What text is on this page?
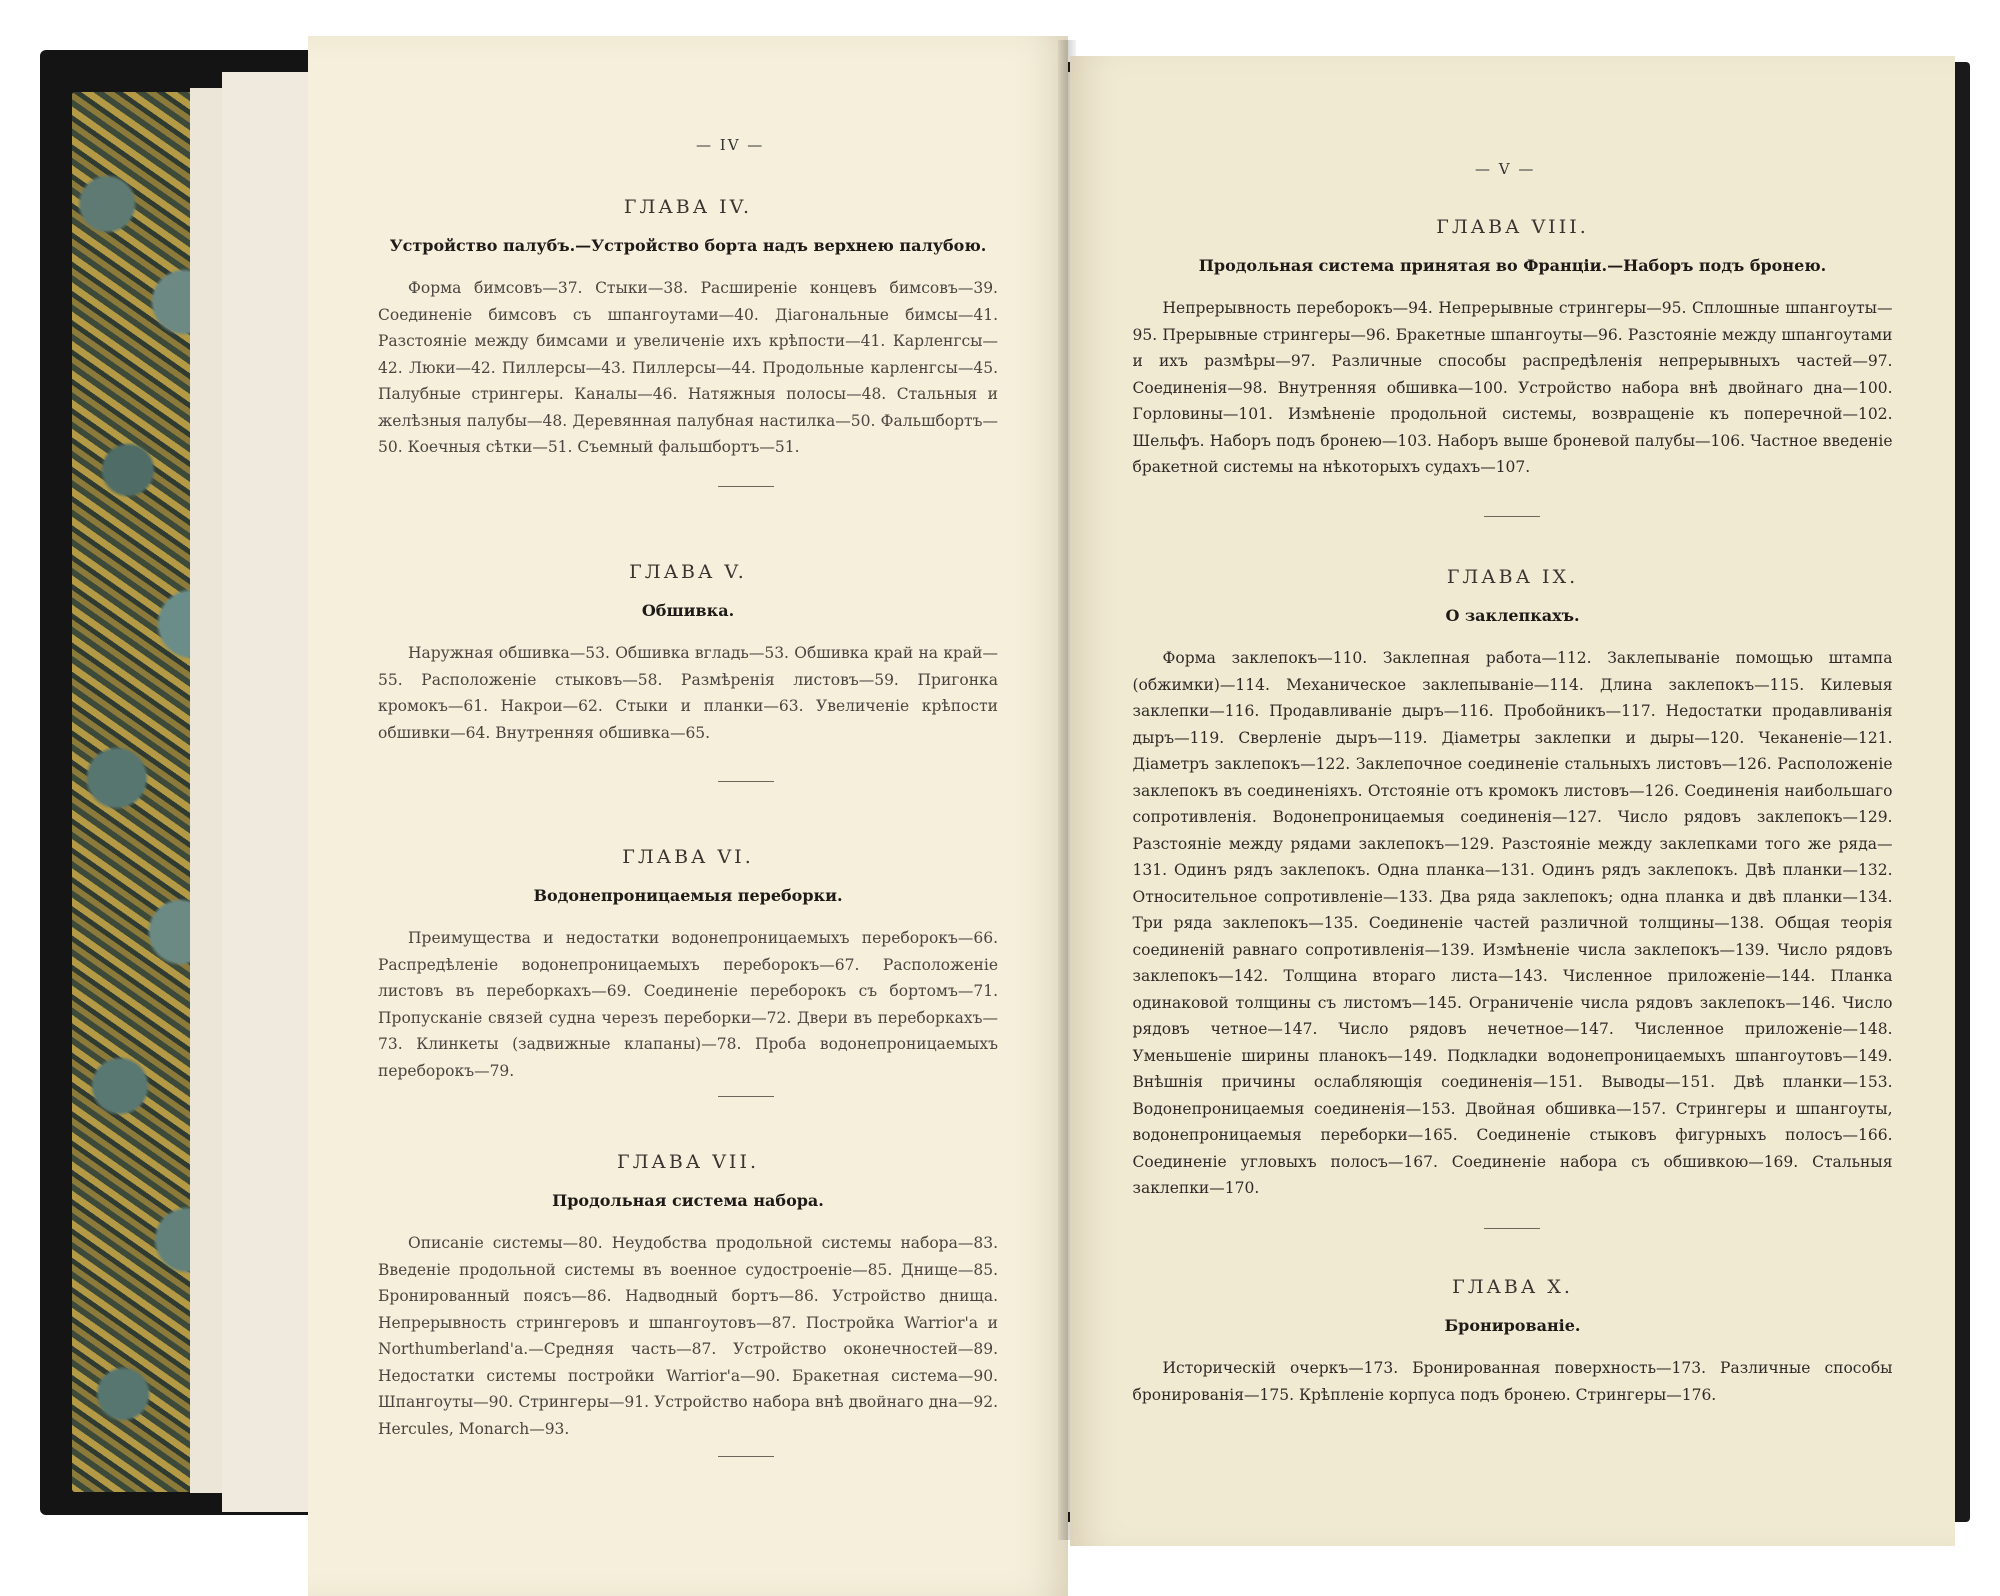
— IV —
ГЛАВА IV.
Устройство палубъ.—Устройство борта надъ верхнею палубою.

Форма бимсовъ—37. Стыки—38. Расширеніе концевъ бимсовъ—39. Соединеніе бимсовъ съ шпангоутами—40. Діагональные бимсы—41. Разстояніе между бимсами и увеличеніе ихъ крѣпости—41. Карленгсы—42. Люки—42. Пиллерсы—43. Пиллерсы—44. Продольные карленгсы—45. Палубные стрингеры. Каналы—46. Натяжныя полосы—48. Стальныя и желѣзныя палубы—48. Деревянная палубная настилка—50. Фальшбортъ—50. Коечныя сѣтки—51. Съемный фальшбортъ—51.

ГЛАВА V.
Обшивка.

Наружная обшивка—53. Обшивка вгладь—53. Обшивка край на край—55. Расположеніе стыковъ—58. Размѣренія листовъ—59. Пригонка кромокъ—61. Накрои—62. Стыки и планки—63. Увеличеніе крѣпости обшивки—64. Внутренняя обшивка—65.

ГЛАВА VI.
Водонепроницаемыя переборки.

Преимущества и недостатки водонепроницаемыхъ переборокъ—66. Распредѣленіе водонепроницаемыхъ переборокъ—67. Расположеніе листовъ въ переборкахъ—69. Соединеніе переборокъ съ бортомъ—71. Пропусканіе связей судна черезъ переборки—72. Двери въ переборкахъ—73. Клинкеты (задвижные клапаны)—78. Проба водонепроницаемыхъ переборокъ—79.

ГЛАВА VII.
Продольная система набора.

Описаніе системы—80. Неудобства продольной системы набора—83. Введеніе продольной системы въ военное судостроеніе—85. Днище—85. Бронированный поясъ—86. Надводный бортъ—86. Устройство днища. Непрерывность стрингеровъ и шпангоутовъ—87. Постройка Warrior'а и Northumberland'а.—Средняя часть—87. Устройство оконечностей—89. Недостатки системы постройки Warrior'а—90. Бракетная система—90. Шпангоуты—90. Стрингеры—91. Устройство набора внѣ двойнаго дна—92. Hercules, Monarch—93.

— V —
ГЛАВА VIII.
Продольная система принятая во Франціи.—Наборъ подъ бронею.

Непрерывность переборокъ—94. Непрерывные стрингеры—95. Сплошные шпангоуты—95. Прерывные стрингеры—96. Бракетные шпангоуты—96. Разстояніе между шпангоутами и ихъ размѣры—97. Различные способы распредѣленія непрерывныхъ частей—97. Соединенія—98. Внутренняя обшивка—100. Устройство набора внѣ двойнаго дна—100. Горловины—101. Измѣненіе продольной системы, возвращеніе къ поперечной—102. Шельфъ. Наборъ подъ бронею—103. Наборъ выше броневой палубы—106. Частное введеніе бракетной системы на нѣкоторыхъ судахъ—107.

ГЛАВА IX.
О заклепкахъ.

Форма заклепокъ—110. Заклепная работа—112. Заклепываніе помощью штампа (обжимки)—114. Механическое заклепываніе—114. Длина заклепокъ—115. Килевыя заклепки—116. Продавливаніе дыръ—116. Пробойникъ—117. Недостатки продавливанія дыръ—119. Сверленіе дыръ—119. Діаметры заклепки и дыры—120. Чеканеніе—121. Діаметръ заклепокъ—122. Заклепочное соединеніе стальныхъ листовъ—126. Расположеніе заклепокъ въ соединеніяхъ. Отстояніе отъ кромокъ листовъ—126. Соединенія наибольшаго сопротивленія. Водонепроницаемыя соединенія—127. Число рядовъ заклепокъ—129. Разстояніе между рядами заклепокъ—129. Разстояніе между заклепками того же ряда—131. Одинъ рядъ заклепокъ. Одна планка—131. Одинъ рядъ заклепокъ. Двѣ планки—132. Относительное сопротивленіе—133. Два ряда заклепокъ; одна планка и двѣ планки—134. Три ряда заклепокъ—135. Соединеніе частей различной толщины—138. Общая теорія соединеній равнаго сопротивленія—139. Измѣненіе числа заклепокъ—139. Число рядовъ заклепокъ—142. Толщина втораго листа—143. Численное приложеніе—144. Планка одинаковой толщины съ листомъ—145. Ограниченіе числа рядовъ заклепокъ—146. Число рядовъ четное—147. Число рядовъ нечетное—147. Численное приложеніе—148. Уменьшеніе ширины планокъ—149. Подкладки водонепроницаемыхъ шпангоутовъ—149. Внѣшнія причины ослабляющія соединенія—151. Выводы—151. Двѣ планки—153. Водонепроницаемыя соединенія—153. Двойная обшивка—157. Стрингеры и шпангоуты, водонепроницаемыя переборки—165. Соединеніе стыковъ фигурныхъ полосъ—166. Соединеніе угловыхъ полосъ—167. Соединеніе набора съ обшивкою—169. Стальныя заклепки—170.

ГЛАВА X.
Бронированіе.

Историческій очеркъ—173. Бронированная поверхность—173. Различные способы бронированія—175. Крѣпленіе корпуса подъ бронею. Стрингеры—176.
